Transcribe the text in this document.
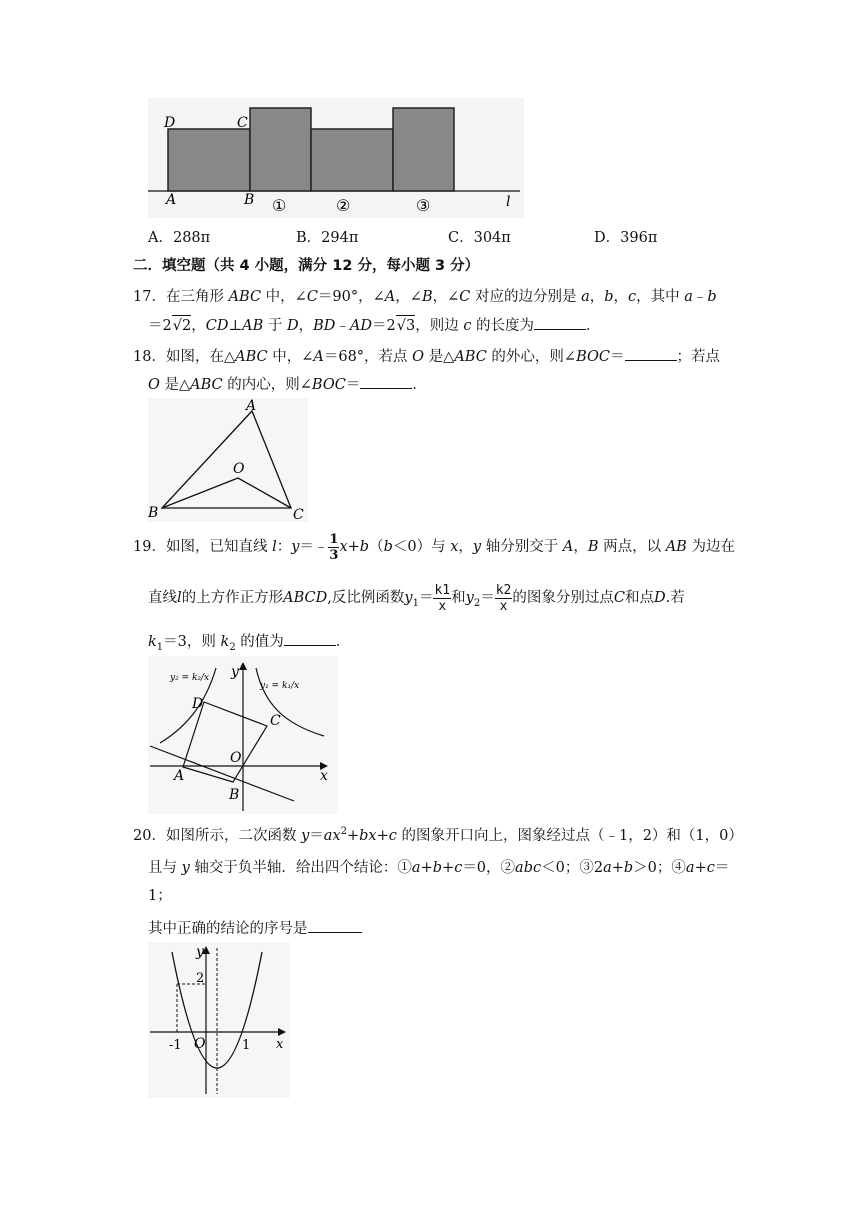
D	C
A	B	l
①	②	③
A．288π	B．294π	C．304π	D．396π
二．填空题（共 4 小题，满分 12 分，每小题 3 分）
17．在三角形 ABC 中，∠C＝90°，∠A，∠B，∠C 对应的边分别是 a，b，c，其中 a﹣b
＝2√2，CD⊥AB 于 D，BD﹣AD＝2√3，则边 c 的长度为	．
18．如图，在△ABC 中，∠A＝68°，若点 O 是△ABC 的外心，则∠BOC＝	；若点
O 是△ABC 的内心，则∠BOC＝	．
A
B	C
O
19．如图，已知直线 l：y＝﹣ $\frac{1}{3} x+b(b<0)$与 x，y 轴分别交于 A，B 两点，以 AB 为边在
直线l的上方作正方形ABCD,反比例函数$y_1= \frac{k1}{x}$ 和$y_2= \frac{k2}{x}$ 的图象分别过点C和点D.若
$k_1=3$，则 $k_2$ 的值为	．
y₂ = k₂/x
y₁ = k₁/x
y
x
D
C
O
A
B
20．如图所示，二次函数 $y=ax^2+bx+c$ 的图象开口向上，图象经过点（﹣1，2）和（1，0）
且与 y 轴交于负半轴．给出四个结论：①a+b+c＝0，②abc＜0；③2a+b＞0；④a+c＝
1；
其中正确的结论的序号是
y
x
2
-1 O	1
